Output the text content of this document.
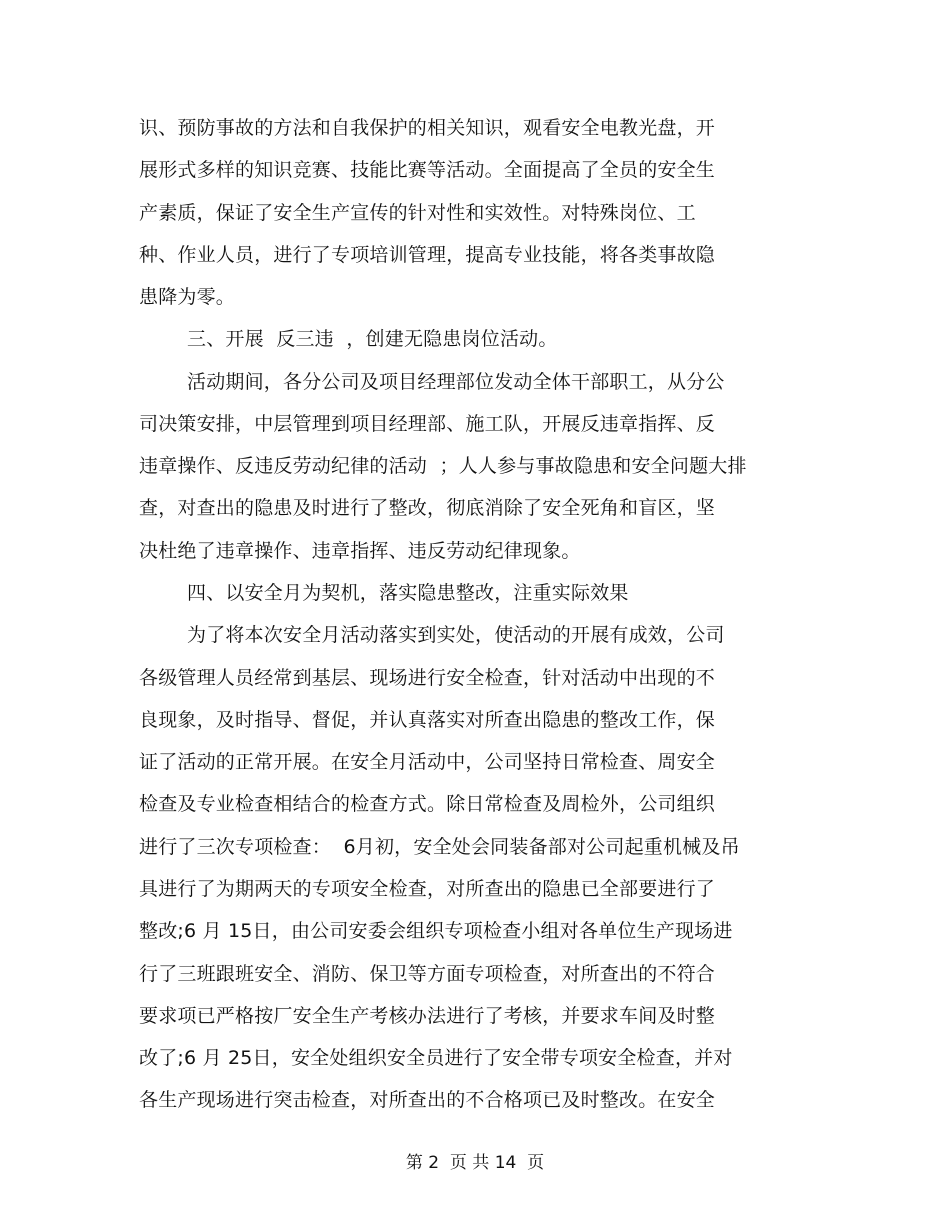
识、预防事故的方法和自我保护的相关知识，观看安全电教光盘，开
展形式多样的知识竞赛、技能比赛等活动。全面提高了全员的安全生
产素质，保证了安全生产宣传的针对性和实效性。对特殊岗位、工
种、作业人员，进行了专项培训管理，提高专业技能，将各类事故隐
患降为零。
三、开展  反三违  ，创建无隐患岗位活动。
活动期间，各分公司及项目经理部位发动全体干部职工，从分公
司决策安排，中层管理到项目经理部、施工队，开展反违章指挥、反
违章操作、反违反劳动纪律的活动  ；人人参与事故隐患和安全问题大排
查，对查出的隐患及时进行了整改，彻底消除了安全死角和盲区，坚
决杜绝了违章操作、违章指挥、违反劳动纪律现象。
四、以安全月为契机，落实隐患整改，注重实际效果
为了将本次安全月活动落实到实处，使活动的开展有成效，公司
各级管理人员经常到基层、现场进行安全检查，针对活动中出现的不
良现象，及时指导、督促，并认真落实对所查出隐患的整改工作，保
证了活动的正常开展。在安全月活动中，公司坚持日常检查、周安全
检查及专业检查相结合的检查方式。除日常检查及周检外，公司组织
进行了三次专项检查：  6月初，安全处会同装备部对公司起重机械及吊
具进行了为期两天的专项安全检查，对所查出的隐患已全部要进行了
整改;6 月 15日，由公司安委会组织专项检查小组对各单位生产现场进
行了三班跟班安全、消防、保卫等方面专项检查，对所查出的不符合
要求项已严格按厂安全生产考核办法进行了考核，并要求车间及时整
改了;6 月 25日，安全处组织安全员进行了安全带专项安全检查，并对
各生产现场进行突击检查，对所查出的不合格项已及时整改。在安全
第 2  页 共 14  页
